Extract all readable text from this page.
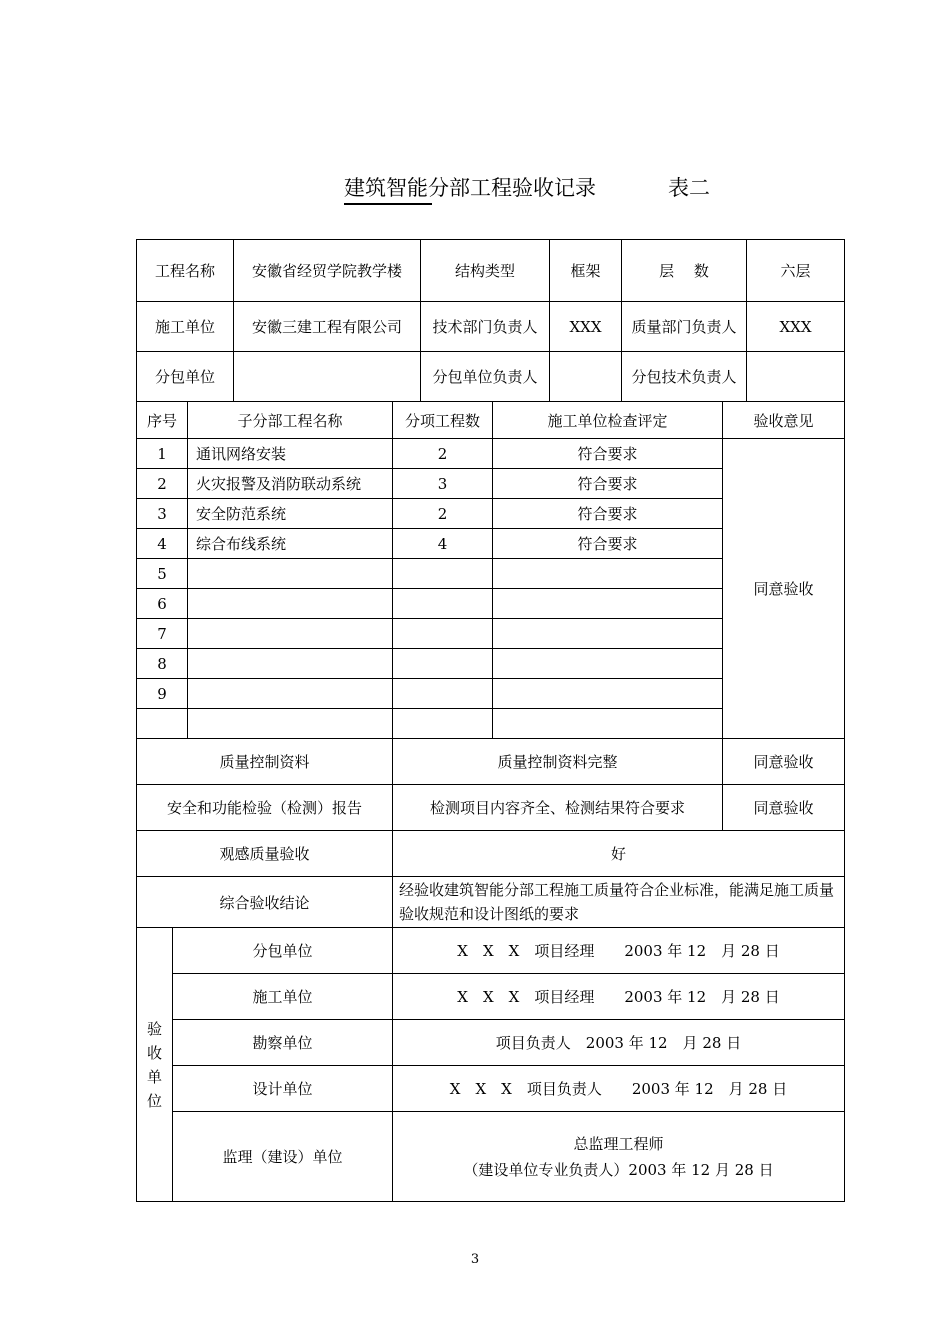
建筑智能分部工程验收记录	表二
工程名称	安徽省经贸学院教学楼	结构类型	框架	层　 数	六层
施工单位	安徽三建工程有限公司	技术部门负责人	XXX	质量部门负责人	XXX
分包单位		分包单位负责人		分包技术负责人	
序号		子分部工程名称	分项工程数	施工单位检查评定	验收意见
1		通讯网络安装	2	符合要求	同意验收
2		火灾报警及消防联动系统	3	符合要求	
3		安全防范系统	2	符合要求	
4		综合布线系统	4	符合要求	
5					
6					
7					
8					
9					

质量控制资料			质量控制资料完整		同意验收
安全和功能检验（检测）报告			检测项目内容齐全、检测结果符合要求		同意验收
观感质量验收			好		
综合验收结论			经验收建筑智能分部工程施工质量符合企业标准，能满足施工质量验收规范和设计图纸的要求		
验
收
单
位	分包单位		X　X　X　项目经理　　2003 年 12　月 28 日		
	施工单位		X　X　X　项目经理　　2003 年 12　月 28 日		
	勘察单位		项目负责人　2003 年 12　月 28 日		
	设计单位		X　X　X　项目负责人　　2003 年 12　月 28 日		
	监理（建设）单位		总监理工程师
（建设单位专业负责人）2003 年 12 月 28 日		
3
